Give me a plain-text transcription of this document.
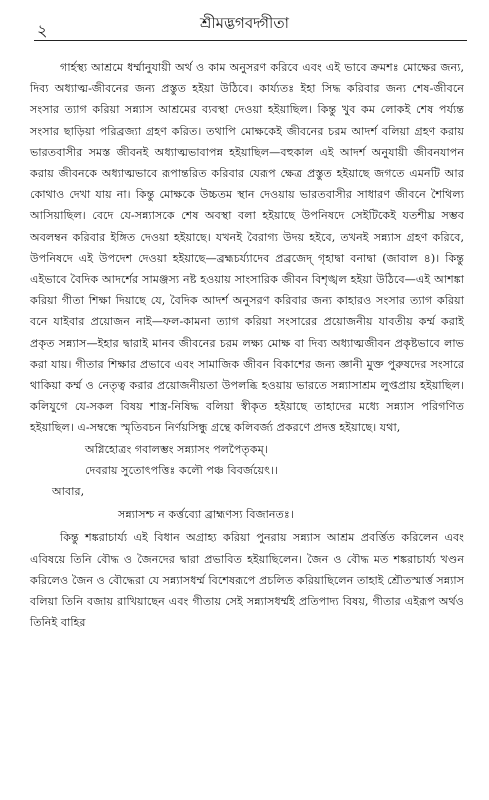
২	শ্রীমদ্ভগবদ্গীতা

গার্হস্থ্য আশ্রমে ধর্ম্মানুযায়ী অর্থ ও কাম অনুসরণ করিবে এবং এই ভাবে ক্রমশঃ মোক্ষের জন্য, দিব্য অধ্যাত্ম-জীবনের জন্য প্রস্তুত হইয়া উঠিবে। কার্য্যতঃ ইহা সিদ্ধ করিবার জন্য শেষ-জীবনে সংসার ত্যাগ করিয়া সন্ন্যাস আশ্রমের ব্যবস্থা দেওয়া হইয়াছিল। কিন্তু খুব কম লোকই শেষ পর্য্যন্ত সংসার ছাড়িয়া পরিব্রজ্যা গ্রহণ করিত। তথাপি মোক্ষকেই জীবনের চরম আদর্শ বলিয়া গ্রহণ করায় ভারতবাসীর সমস্ত জীবনই অধ্যাত্মভাবাপন্ন হইয়াছিল—বহুকাল এই আদর্শ অনুযায়ী জীবনযাপন করায় জীবনকে অধ্যাত্মভাবে রূপান্তরিত করিবার যেরূপ ক্ষেত্র প্রস্তুত হইয়াছে জগতে এমনটি আর কোথাও দেখা যায় না। কিন্তু মোক্ষকে উচ্চতম স্থান দেওয়ায় ভারতবাসীর সাধারণ জীবনে শৈথিল্য আসিয়াছিল। বেদে যে-সন্ন্যাসকে শেষ অবস্থা বলা হইয়াছে উপনিষদে সেইটিকেই যতশীঘ্র সম্ভব অবলম্বন করিবার ইঙ্গিত দেওয়া হইয়াছে। যখনই বৈরাগ্য উদয় হইবে, তখনই সন্ন্যাস গ্রহণ করিবে, উপনিষদে এই উপদেশ দেওয়া হইয়াছে—ব্রহ্মচর্য্যাদেব প্রব্রজেদ্ গৃহাদ্বা বনাদ্বা (জাবাল ৪)। কিন্তু এইভাবে বৈদিক আদর্শের সামঞ্জস্য নষ্ট হওয়ায় সাংসারিক জীবন বিশৃঙ্খল হইয়া উঠিবে—এই আশঙ্কা করিয়া গীতা শিক্ষা দিয়াছে যে, বৈদিক আদর্শ অনুসরণ করিবার জন্য কাহারও সংসার ত্যাগ করিয়া বনে যাইবার প্রয়োজন নাই—ফল-কামনা ত্যাগ করিয়া সংসারের প্রয়োজনীয় যাবতীয় কর্ম্ম করাই প্রকৃত সন্ন্যাস—ইহার দ্বারাই মানব জীবনের চরম লক্ষ্য মোক্ষ বা দিব্য অধ্যাত্মজীবন প্রকৃষ্টভাবে লাভ করা যায়। গীতার শিক্ষার প্রভাবে এবং সামাজিক জীবন বিকাশের জন্য জ্ঞানী মুক্ত পুরুষদের সংসারে থাকিয়া কর্ম্ম ও নেতৃত্ব করার প্রয়োজনীয়তা উপলব্ধি হওয়ায় ভারতে সন্ন্যাসাশ্রম লুপ্তপ্রায় হইয়াছিল। কলিযুগে যে-সকল বিষয় শাস্ত্র-নিষিদ্ধ বলিয়া স্বীকৃত হইয়াছে তাহাদের মধ্যে সন্ন্যাস পরিগণিত হইয়াছিল। এ-সম্বন্ধে স্মৃতিবচন নির্ণয়সিন্ধু গ্রন্থে কলিবর্জ্য প্রকরণে প্রদত্ত হইয়াছে। যথা,

অগ্নিহোত্রং গবালম্ভং সন্ন্যাসং পলপৈতৃকম্।

দেবরায় সুতোৎপত্তিঃ কলৌ পঞ্চ বিবর্জয়েৎ।।

আবার,

সন্ন্যাসশ্চ ন কর্ত্তব্যো ব্রাহ্মণস্য বিজানতঃ।

কিন্তু শঙ্করাচার্য্য এই বিধান অগ্রাহ্য করিয়া পুনরায় সন্ন্যাস আশ্রম প্রবর্ত্তিত করিলেন এবং এবিষয়ে তিনি বৌদ্ধ ও জৈনদের দ্বারা প্রভাবিত হইয়াছিলেন। জৈন ও বৌদ্ধ মত শঙ্করাচার্য্য খণ্ডন করিলেও জৈন ও বৌদ্ধেরা যে সন্ন্যাসধর্ম্ম বিশেষরূপে প্রচলিত করিয়াছিলেন তাহাই শ্রৌতস্মার্ত্ত সন্ন্যাস বলিয়া তিনি বজায় রাখিয়াছেন এবং গীতায় সেই সন্ন্যাসধর্ম্মই প্রতিপাদ্য বিষয়, গীতার এইরূপ অর্থও তিনিই বাহির
